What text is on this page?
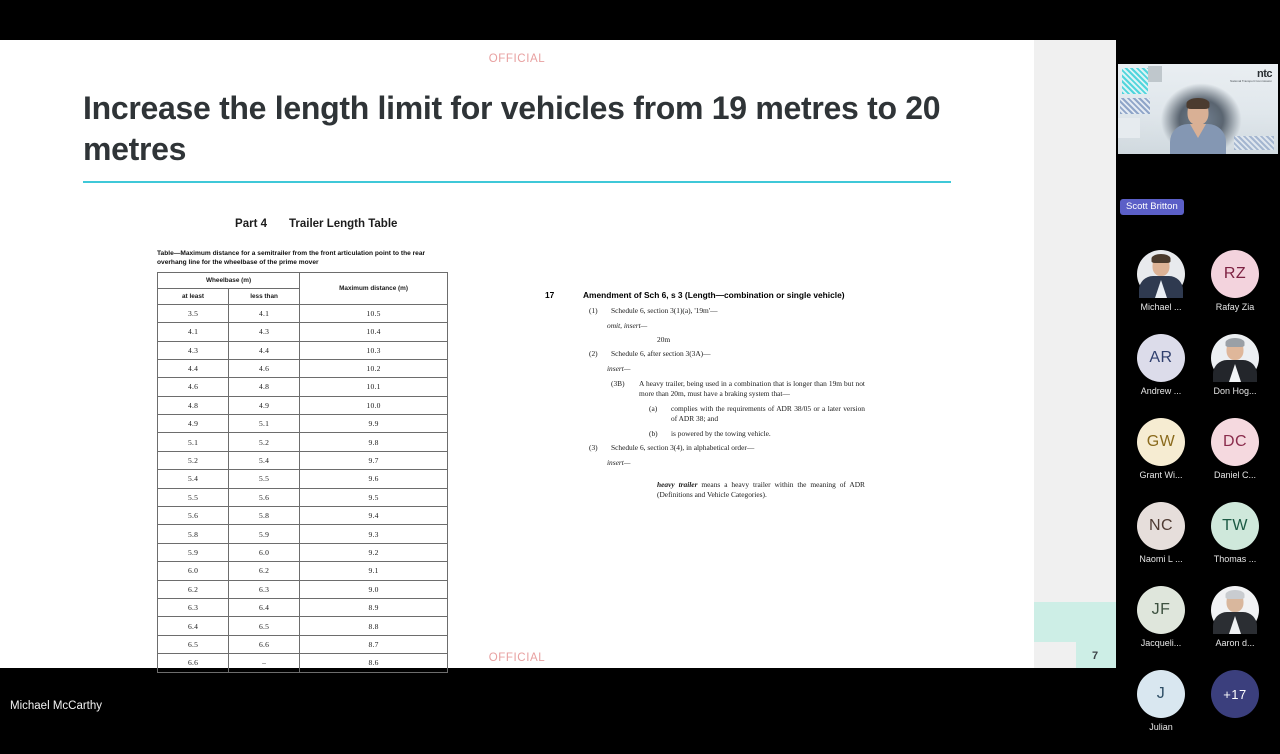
7
OFFICIAL
OFFICIAL
Increase the length limit for vehicles from 19 metres to 20 metres
Part 4 Trailer Length Table
Table—Maximum distance for a semitrailer from the front articulation point to the rear overhang line for the wheelbase of the prime mover
Wheelbase (m)		Maximum distance (m)
at least	less than	
3.5	4.1	10.5
4.1	4.3	10.4
4.3	4.4	10.3
4.4	4.6	10.2
4.6	4.8	10.1
4.8	4.9	10.0
4.9	5.1	9.9
5.1	5.2	9.8
5.2	5.4	9.7
5.4	5.5	9.6
5.5	5.6	9.5
5.6	5.8	9.4
5.8	5.9	9.3
5.9	6.0	9.2
6.0	6.2	9.1
6.2	6.3	9.0
6.3	6.4	8.9
6.4	6.5	8.8
6.5	6.6	8.7
6.6	–	8.6
17	Amendment of Sch 6, s 3 (Length—combination or single vehicle)
(1)	Schedule 6, section 3(1)(a), '19m'—
omit, insert—
20m
(2)	Schedule 6, after section 3(3A)—
insert—
(3B)	A heavy trailer, being used in a combination that is longer than 19m but not more than 20m, must have a braking system that—
(a)	complies with the requirements of ADR 38/05 or a later version of ADR 38; and
(b)	is powered by the towing vehicle.
(3)	Schedule 6, section 3(4), in alphabetical order—
insert—
heavy trailer means a heavy trailer within the meaning of ADR (Definitions and Vehicle Categories).
ntc
National Transport Commission
Scott Britton
Michael ...
RZ
Rafay Zia
AR
Andrew ...	Don Hog...
GW
Grant Wi...
DC
Daniel C...
NC
Naomi L ...
TW
Thomas ...
JF
Jacqueli...	Aaron d...
J
Julian
+17
Michael McCarthy
